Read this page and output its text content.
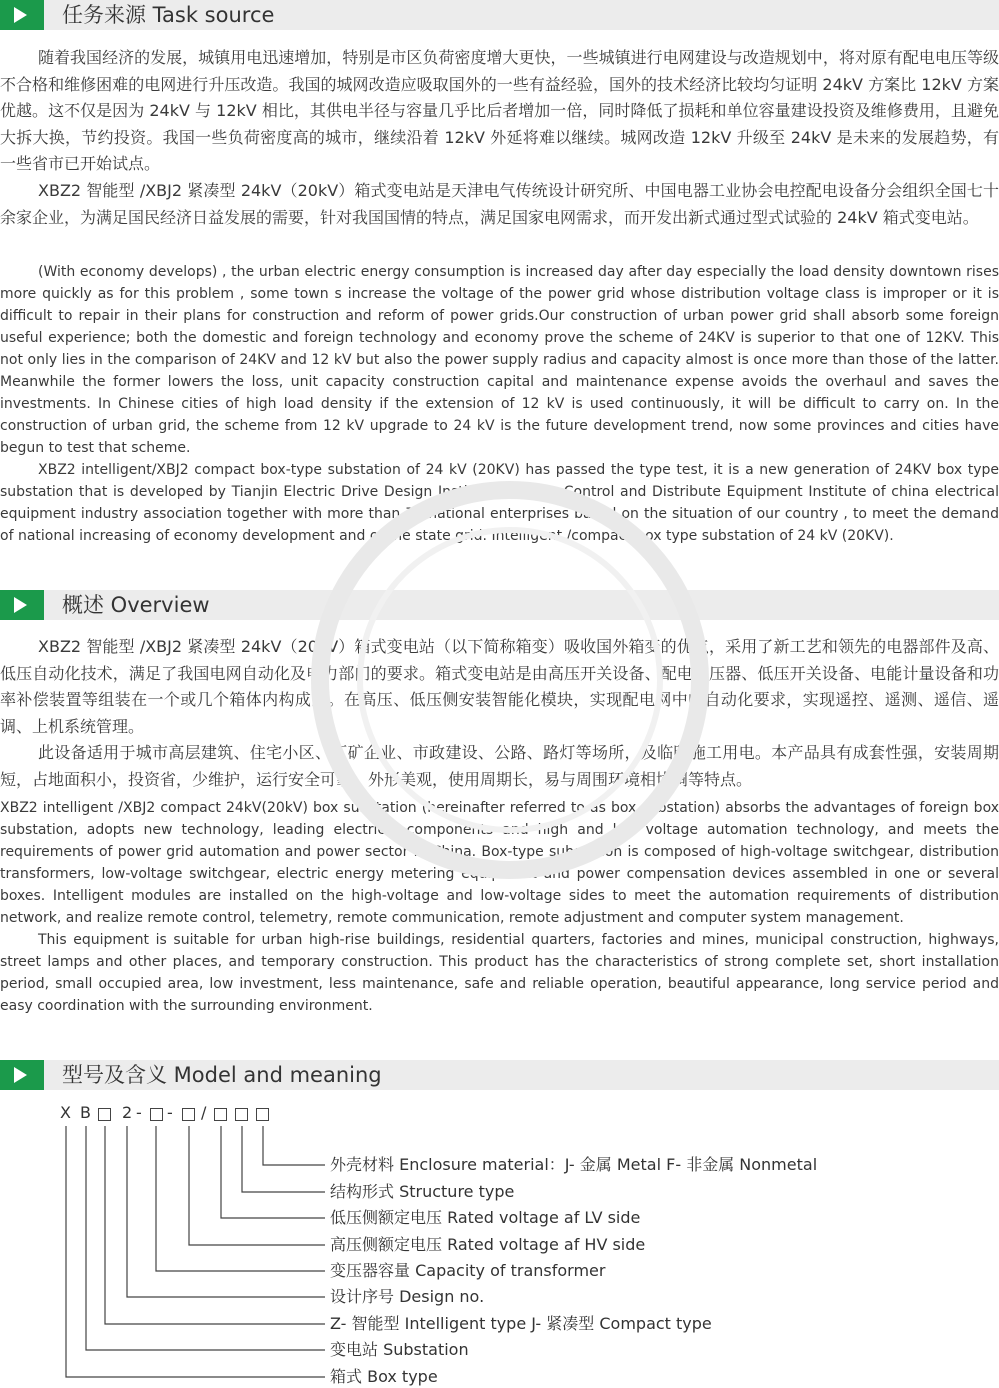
任务来源 Task source

随着我国经济的发展，城镇用电迅速增加，特别是市区负荷密度增大更快，一些城镇进行电网建设与改造规划中，将对原有配电电压等级不合格和维修困难的电网进行升压改造。我国的城网改造应吸取国外的一些有益经验，国外的技术经济比较均匀证明 24kV 方案比 12kV 方案优越。这不仅是因为 24kV 与 12kV 相比，其供电半径与容量几乎比后者增加一倍，同时降低了损耗和单位容量建设投资及维修费用，且避免大拆大换，节约投资。我国一些负荷密度高的城市，继续沿着 12kV 外延将难以继续。城网改造 12kV 升级至 24kV 是未来的发展趋势，有一些省市已开始试点。

XBZ2 智能型 /XBJ2 紧凑型 24kV（20kV）箱式变电站是天津电气传统设计研究所、中国电器工业协会电控配电设备分会组织全国七十余家企业，为满足国民经济日益发展的需要，针对我国国情的特点，满足国家电网需求，而开发出新式通过型式试验的 24kV 箱式变电站。

(With economy develops) , the urban electric energy consumption is increased day after day especially the load density downtown rises more quickly as for this problem , some town s increase the voltage of the power grid whose distribution voltage class is improper or it is difficult to repair in their plans for construction and reform of power grids.Our construction of urban power grid shall absorb some foreign useful experience; both the domestic and foreign technology and economy prove the scheme of 24KV is superior to that one of 12KV. This not only lies in the comparison of 24KV and 12 kV but also the power supply radius and capacity almost is once more than those of the latter. Meanwhile the former lowers the loss, unit capacity construction capital and maintenance expense avoids the overhaul and saves the investments. In Chinese cities of high load density if the extension of 12 kV is used continuously, it will be difficult to carry on. In the construction of urban grid, the scheme from 12 kV upgrade to 24 kV is the future development trend, now some provinces and cities have begun to test that scheme.

XBZ2 intelligent/XBJ2 compact box-type substation of 24 kV (20KV) has passed the type test, it is a new generation of 24KV box type substation that is developed by Tianjin Electric Drive Design Institute, Electric Control and Distribute Equipment Institute of china electrical equipment industry association together with more than 70 national enterprises based on the situation of our country , to meet the demand of national increasing of economy development and of the state grid. Intelligent /compact box type substation of 24 kV (20KV).

概述 Overview

XBZ2 智能型 /XBJ2 紧凑型 24kV（20kV）箱式变电站（以下简称箱变）吸收国外箱变的优点，采用了新工艺和领先的电器部件及高、低压自动化技术，满足了我国电网自动化及电力部门的要求。箱式变电站是由高压开关设备、配电变压器、低压开关设备、电能计量设备和功率补偿装置等组装在一个或几个箱体内构成的。在高压、低压侧安装智能化模块，实现配电网中的自动化要求，实现遥控、遥测、遥信、遥调、上机系统管理。

此设备适用于城市高层建筑、住宅小区、厂矿企业、市政建设、公路、路灯等场所，及临时施工用电。本产品具有成套性强，安装周期短，占地面积小，投资省，少维护，运行安全可靠，外形美观，使用周期长，易与周围环境相协调等特点。

XBZ2 intelligent /XBJ2 compact 24kV(20kV) box substation (hereinafter referred to as box substation) absorbs the advantages of foreign box substation, adopts new technology, leading electrical components and high and low voltage automation technology, and meets the requirements of power grid automation and power sector in China. Box-type substation is composed of high-voltage switchgear, distribution transformers, low-voltage switchgear, electric energy metering equipment and power compensation devices assembled in one or several boxes. Intelligent modules are installed on the high-voltage and low-voltage sides to meet the automation requirements of distribution network, and realize remote control, telemetry, remote communication, remote adjustment and computer system management.

This equipment is suitable for urban high-rise buildings, residential quarters, factories and mines, municipal construction, highways, street lamps and other places, and temporary construction. This product has the characteristics of strong complete set, short installation period, small occupied area, low investment, less maintenance, safe and reliable operation, beautiful appearance, long service period and easy coordination with the surrounding environment.

型号及含义 Model and meaning
X B 2 - - /
外壳材料 Enclosure material：J- 金属 Metal F- 非金属 Nonmetal
结构形式 Structure type
低压侧额定电压 Rated voltage af LV side
高压侧额定电压 Rated voltage af HV side
变压器容量 Capacity of transformer
设计序号 Design no.
Z- 智能型 Intelligent type J- 紧凑型 Compact type
变电站 Substation
箱式 Box type
